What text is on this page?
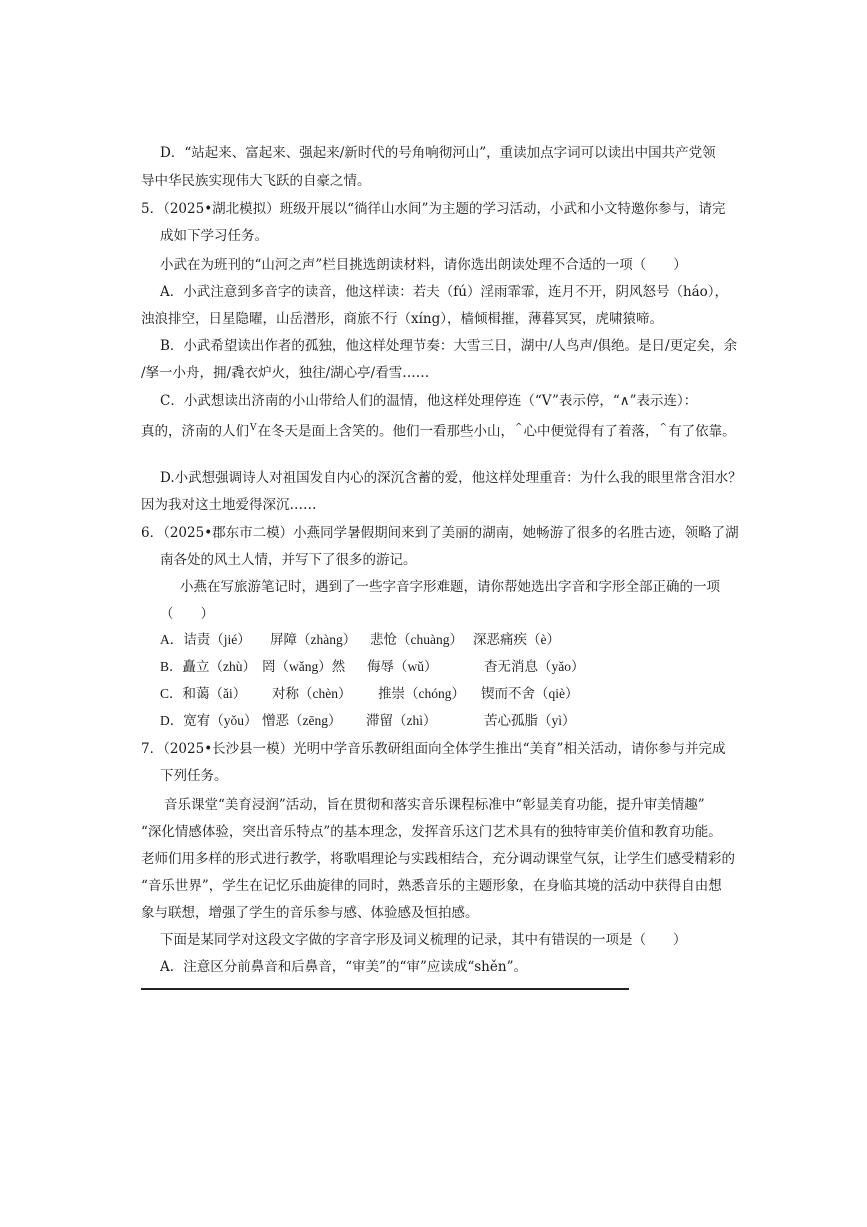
D．“站起来、富起来、强起来/新时代的号角响彻河山”，重读加点字词可以读出中国共产党领
导中华民族实现伟大飞跃的自豪之情。
5．（2025•湖北模拟）班级开展以“徜徉山水间”为主题的学习活动，小武和小文特邀你参与，请完
成如下学习任务。
小武在为班刊的“山河之声”栏目挑选朗读材料，请你选出朗读处理不合适的一项（　　）
A．小武注意到多音字的读音，他这样读：若夫（fú）淫雨霏霏，连月不开，阴风怒号（háo），
浊浪排空，日星隐曜，山岳潜形，商旅不行（xíng），樯倾楫摧，薄暮冥冥，虎啸猿啼。
B．小武希望读出作者的孤独，他这样处理节奏：大雪三日，湖中/人鸟声/俱绝。是日/更定矣，余
/拏一小舟，拥/毳衣炉火，独往/湖心亭/看雪……
C．小武想读出济南的小山带给人们的温情，他这样处理停连（“V”表示停，“∧”表示连）：
真的，济南的人们$^V$在冬天是面上含笑的。他们一看那些小山，^心中便觉得有了着落，^有了依靠。
D.小武想强调诗人对祖国发自内心的深沉含蓄的爱，他这样处理重音：为什么我的眼里常含泪水？
因为我对这土地爱得深沉……
6．（2025•郡东市二模）小燕同学暑假期间来到了美丽的湖南，她畅游了很多的名胜古迹，领略了湖
南各处的风土人情，并写下了很多的游记。
小燕在写旅游笔记时，遇到了一些字音字形难题，请你帮她选出字音和字形全部正确的一项
（　　）
A．诘责（jié） 屏障（zhàng） 悲怆（chuàng） 深恶痛疾（è）
B．矗立（zhù） 罔（wǎng）然 侮辱（wǔ）	杳无消息（yǎo）
C．和蔼（ǎi） 对称（chèn） 推崇（chóng） 锲而不舍（qiè）
D．宽宥（yǒu） 憎恶（zēng） 滞留（zhì）	苦心孤脂（yì）
7．（2025•长沙县一模）光明中学音乐教研组面向全体学生推出“美育”相关活动，请你参与并完成
下列任务。
音乐课堂“美育浸润”活动，旨在贯彻和落实音乐课程标准中“彰显美育功能，提升审美情趣”
“深化情感体验，突出音乐特点”的基本理念，发挥音乐这门艺术具有的独特审美价值和教育功能。
老师们用多样的形式进行教学，将歌唱理论与实践相结合，充分调动课堂气氛，让学生们感受精彩的
“音乐世界”，学生在记忆乐曲旋律的同时，熟悉音乐的主题形象，在身临其境的活动中获得自由想
象与联想，增强了学生的音乐参与感、体验感及恒拍感。
下面是某同学对这段文字做的字音字形及词义梳理的记录，其中有错误的一项是（　　）
A．注意区分前鼻音和后鼻音，“审美”的“审”应读成“shěn”。
